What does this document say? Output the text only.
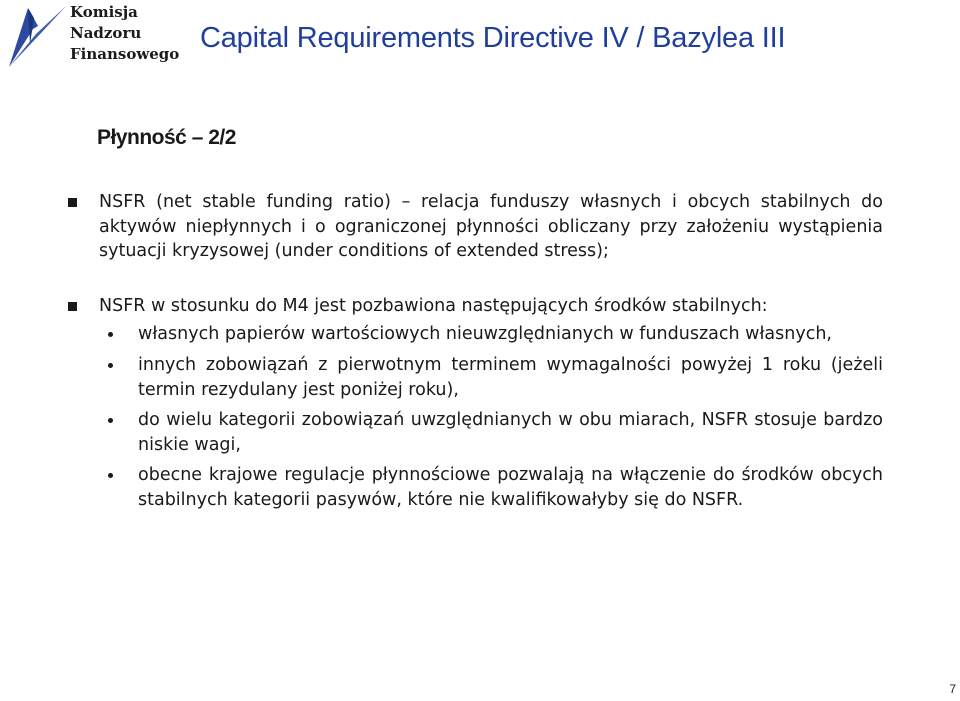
Komisja
Nadzoru
Finansowego Capital Requirements Directive IV / Bazylea III
Płynność – 2/2
NSFR (net stable funding ratio) – relacja funduszy własnych i obcych stabilnych do aktywów niepłynnych i o ograniczonej płynności obliczany przy założeniu wystąpienia sytuacji kryzysowej (under conditions of extended stress);
NSFR w stosunku do M4 jest pozbawiona następujących środków stabilnych:
własnych papierów wartościowych nieuwzględnianych w funduszach własnych,
innych zobowiązań z pierwotnym terminem wymagalności powyżej 1 roku (jeżeli termin rezydulany jest poniżej roku),
do wielu kategorii zobowiązań uwzględnianych w obu miarach, NSFR stosuje bardzo niskie wagi,
obecne krajowe regulacje płynnościowe pozwalają na włączenie do środków obcych stabilnych kategorii pasywów, które nie kwalifikowałyby się do NSFR.
7
